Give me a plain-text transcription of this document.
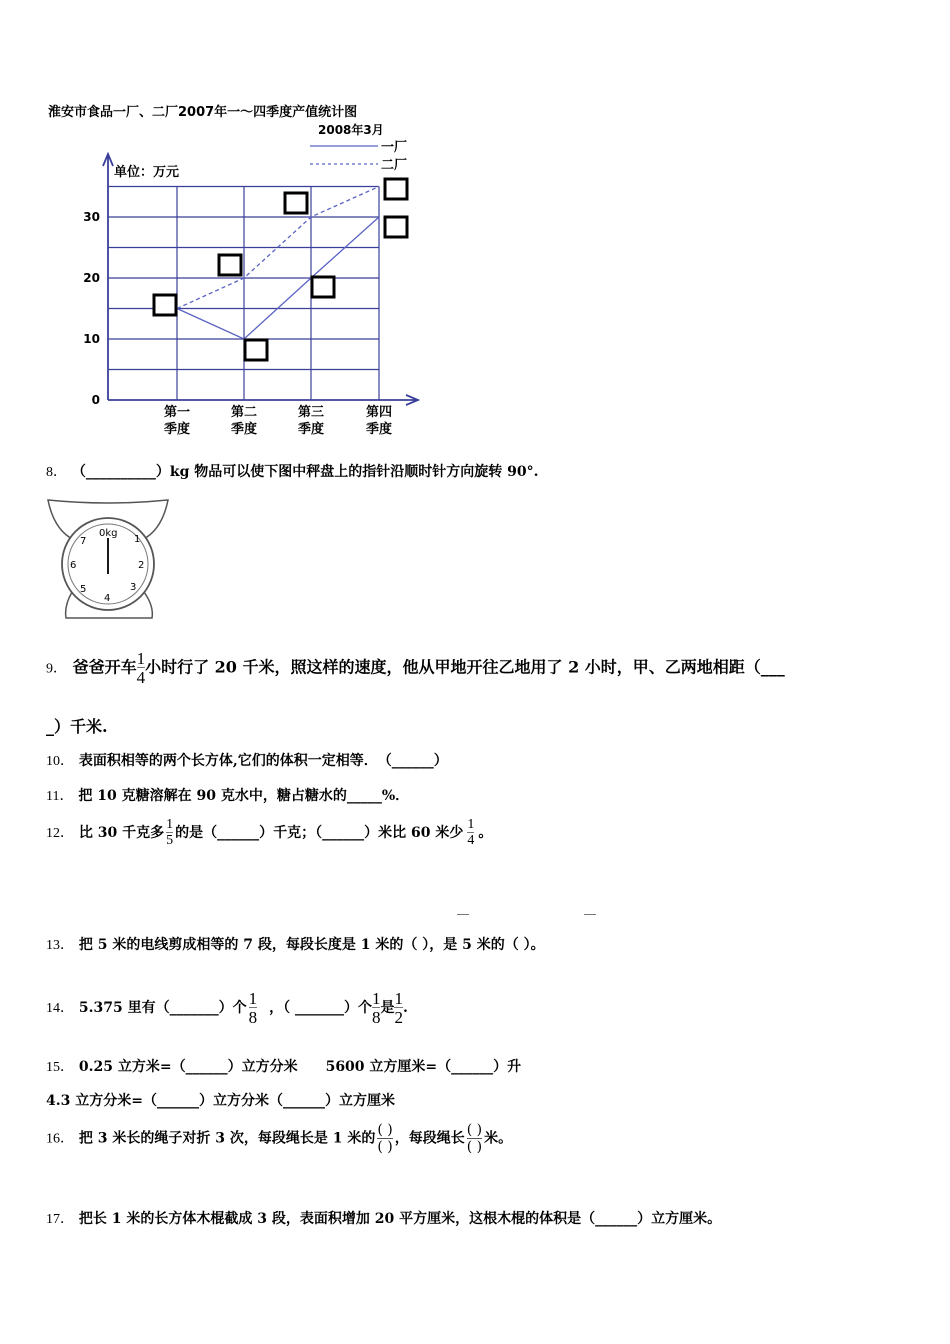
淮安市食品一厂、二厂2007年一～四季度产值统计图
2008年3月
0
10
20
30
第一季度
第二季度
第三季度
第四季度
一厂
二厂
单位：万元
8． （__________）kg 物品可以使下图中秤盘上的指针沿顺时针方向旋转 90°.
0kg
1
2
3
4
5
6
7
9． 爸爸开车 $\frac{1}{4}$ 小时行了 20 千米，照这样的速度，他从甲地开往乙地用了 2 小时，甲、乙两地相距（___
_）千米.
10． 表面积相等的两个长方体,它们的体积一定相等．　（______）
11． 把 10 克糖溶解在 90 克水中，糖占糖水的_____%．
12． 比 30 千克多 $\frac{1}{5}$ 的是（______）千克；（______）米比 60 米少 $\frac{1}{4}$ 。
13． 把 5 米的电线剪成相等的 7 段，每段长度是 1 米的（ ），是 5 米的（ ）。
14． 5.375 里有（_______）个 $\frac{1}{8}$ ，（ _______）个 $\frac{1}{8}$ 是 $\frac{1}{2}$ .
15． 0.25 立方米=（______）立方分米　　5600 立方厘米=（______）升
4.3 立方分米=（______）立方分米（______）立方厘米
16． 把 3 米长的绳子对折 3 次，每段绳长是 1 米的
( )
( )
，每段绳长
( )
( )
米。
17． 把长 1 米的长方体木棍截成 3 段，表面积增加 20 平方厘米，这根木棍的体积是（______）立方厘米。
